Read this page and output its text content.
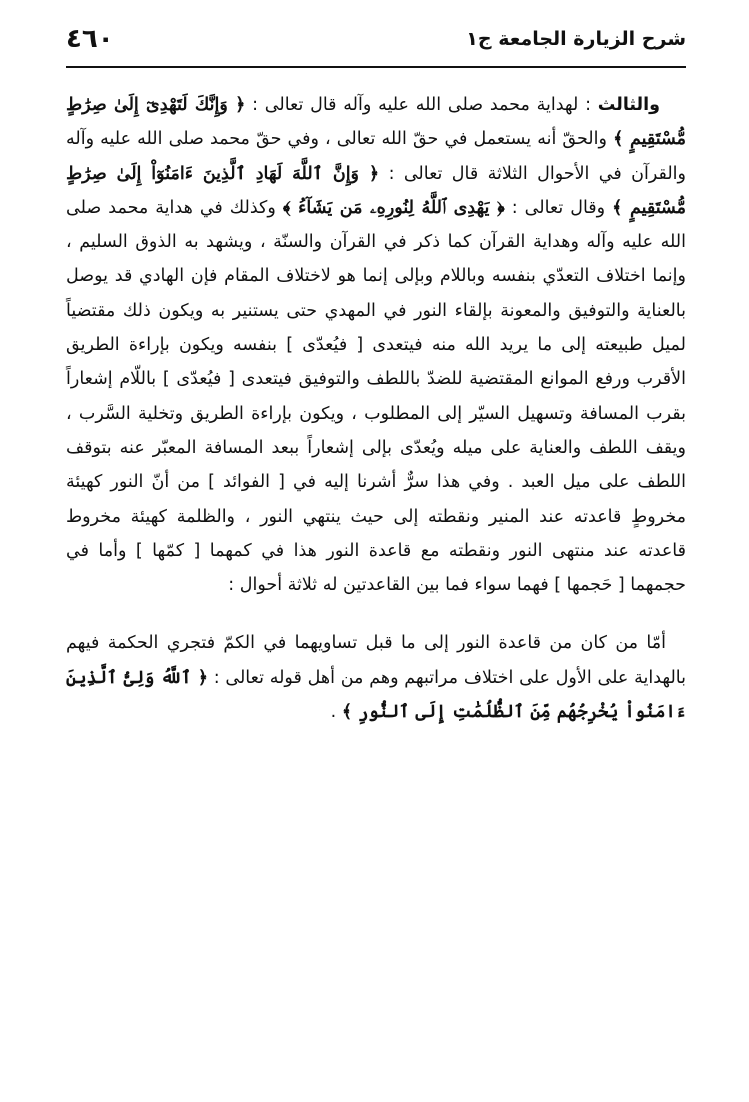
شرح الزيارة الجامعة ج١
٤٦٠

والثالث : لهداية محمد صلى الله عليه وآله قال تعالى : ﴿ وَإِنَّكَ لَتَهْدِىٓ إِلَىٰ صِرَٰطٍ مُّسْتَقِيمٍ ﴾ والحقّ أنه يستعمل في حقّ الله تعالى ، وفي حقّ محمد صلى الله عليه وآله والقرآن في الأحوال الثلاثة قال تعالى : ﴿ وَإِنَّ ٱللَّهَ لَهَادِ ٱلَّذِينَ ءَامَنُوٓاْ إِلَىٰ صِرَٰطٍ مُّسْتَقِيمٍ ﴾ وقال تعالى : ﴿ يَهْدِى ٱللَّهُ لِنُورِهِۦ مَن يَشَآءُ ﴾ وكذلك في هداية محمد صلى الله عليه وآله وهداية القرآن كما ذكر في القرآن والسنّة ، ويشهد به الذوق السليم ، وإنما اختلاف التعدّي بنفسه وباللام وبإلى إنما هو لاختلاف المقام فإن الهادي قد يوصل بالعناية والتوفيق والمعونة بإلقاء النور في المهدي حتى يستنير به ويكون ذلك مقتضياً لميل طبيعته إلى ما يريد الله منه فيتعدى [ فيُعدّى ] بنفسه ويكون بإراءة الطريق الأقرب ورفع الموانع المقتضية للضدّ باللطف والتوفيق فيتعدى [ فيُعدّى ] باللّام إشعاراً بقرب المسافة وتسهيل السيّر إلى المطلوب ، ويكون بإراءة الطريق وتخلية السَّرب ، ويقف اللطف والعناية على ميله ويُعدّى بإلى إشعاراً ببعد المسافة المعبّر عنه بتوقف اللطف على ميل العبد . وفي هذا سرٌّ أشرنا إليه في [ الفوائد ] من أنّ النور كهيئة مخروطٍ قاعدته عند المنير ونقطته إلى حيث ينتهي النور ، والظلمة كهيئة مخروط قاعدته عند منتهى النور ونقطته مع قاعدة النور هذا في كمهما [ كمّها ] وأما في حجمهما [ حَجمها ] فهما سواء فما بين القاعدتين له ثلاثة أحوال :

أمّا من كان من قاعدة النور إلى ما قبل تساويهما في الكمّ فتجري الحكمة فيهم بالهداية على الأول على اختلاف مراتبهم وهم من أهل قوله تعالى : ﴿ ٱللَّهُ وَلِىُّ ٱلَّذِينَ ءَامَنُواْ يُخْرِجُهُم مِّنَ ٱلظُّلُمَٰتِ إِلَى ٱلنُّورِ ﴾ .
